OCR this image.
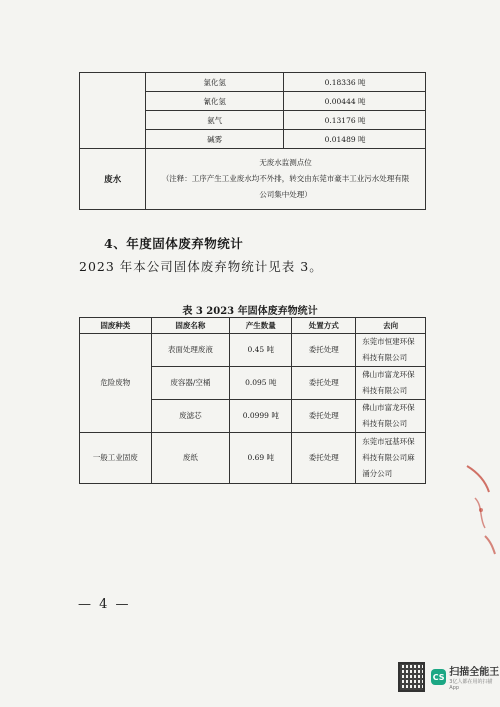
	氯化氢	0.18336 吨
	氰化氢	0.00444 吨
	氨气	0.13176 吨
	碱雾	0.01489 吨
废水	无废水监测点位
（注释：工序产生工业废水均不外排，转交由东莞市豪丰工业污水处理有限
公司集中处理）	
4、年度固体废弃物统计
2023 年本公司固体废弃物统计见表 3。
表 3 2023 年固体废弃物统计
固废种类	固废名称	产生数量	处置方式	去向
危险废物	表面处理废液	0.45 吨	委托处理	东莞市恒建环保
科技有限公司

	废容器/空桶	0.095 吨	委托处理	佛山市富龙环保
科技有限公司

	废滤芯	0.0999 吨	委托处理	佛山市富龙环保
科技有限公司

一般工业固废	废纸	0.69 吨	委托处理	东莞市冠基环保
科技有限公司麻
涌分公司
— 4 —
CS 扫描全能王
3亿人都在用的扫描App
